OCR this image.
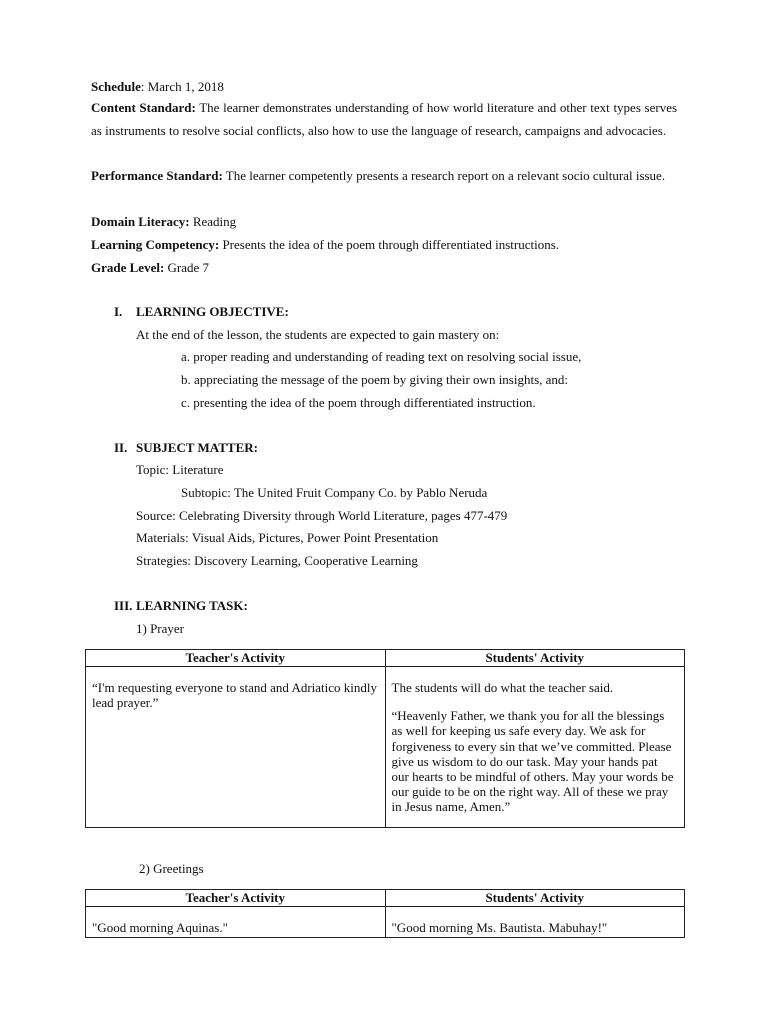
Schedule: March 1, 2018
Content Standard: The learner demonstrates understanding of how world literature and other text types serves as instruments to resolve social conflicts, also how to use the language of research, campaigns and advocacies.
Performance Standard: The learner competently presents a research report on a relevant socio cultural issue.
Domain Literacy: Reading
Learning Competency: Presents the idea of the poem through differentiated instructions.
Grade Level: Grade 7
I. LEARNING OBJECTIVE:
At the end of the lesson, the students are expected to gain mastery on:
a. proper reading and understanding of reading text on resolving social issue,
b. appreciating the message of the poem by giving their own insights, and:
c. presenting the idea of the poem through differentiated instruction.
II. SUBJECT MATTER:
Topic: Literature
Subtopic: The United Fruit Company Co. by Pablo Neruda
Source: Celebrating Diversity through World Literature, pages 477-479
Materials: Visual Aids, Pictures, Power Point Presentation
Strategies: Discovery Learning, Cooperative Learning
III. LEARNING TASK:
1) Prayer
Teacher's Activity	Students' Activity

“I'm requesting everyone to stand and Adriatico kindly lead prayer.”	The students will do what the teacher said.

“Heavenly Father, we thank you for all the blessings as well for keeping us safe every day. We ask for forgiveness to every sin that we’ve committed. Please give us wisdom to do our task. May your hands pat our hearts to be mindful of others. May your words be our guide to be on the right way. All of these we pray in Jesus name, Amen.”

2) Greetings
Teacher's Activity	Students' Activity

"Good morning Aquinas."	"Good morning Ms. Bautista. Mabuhay!"
